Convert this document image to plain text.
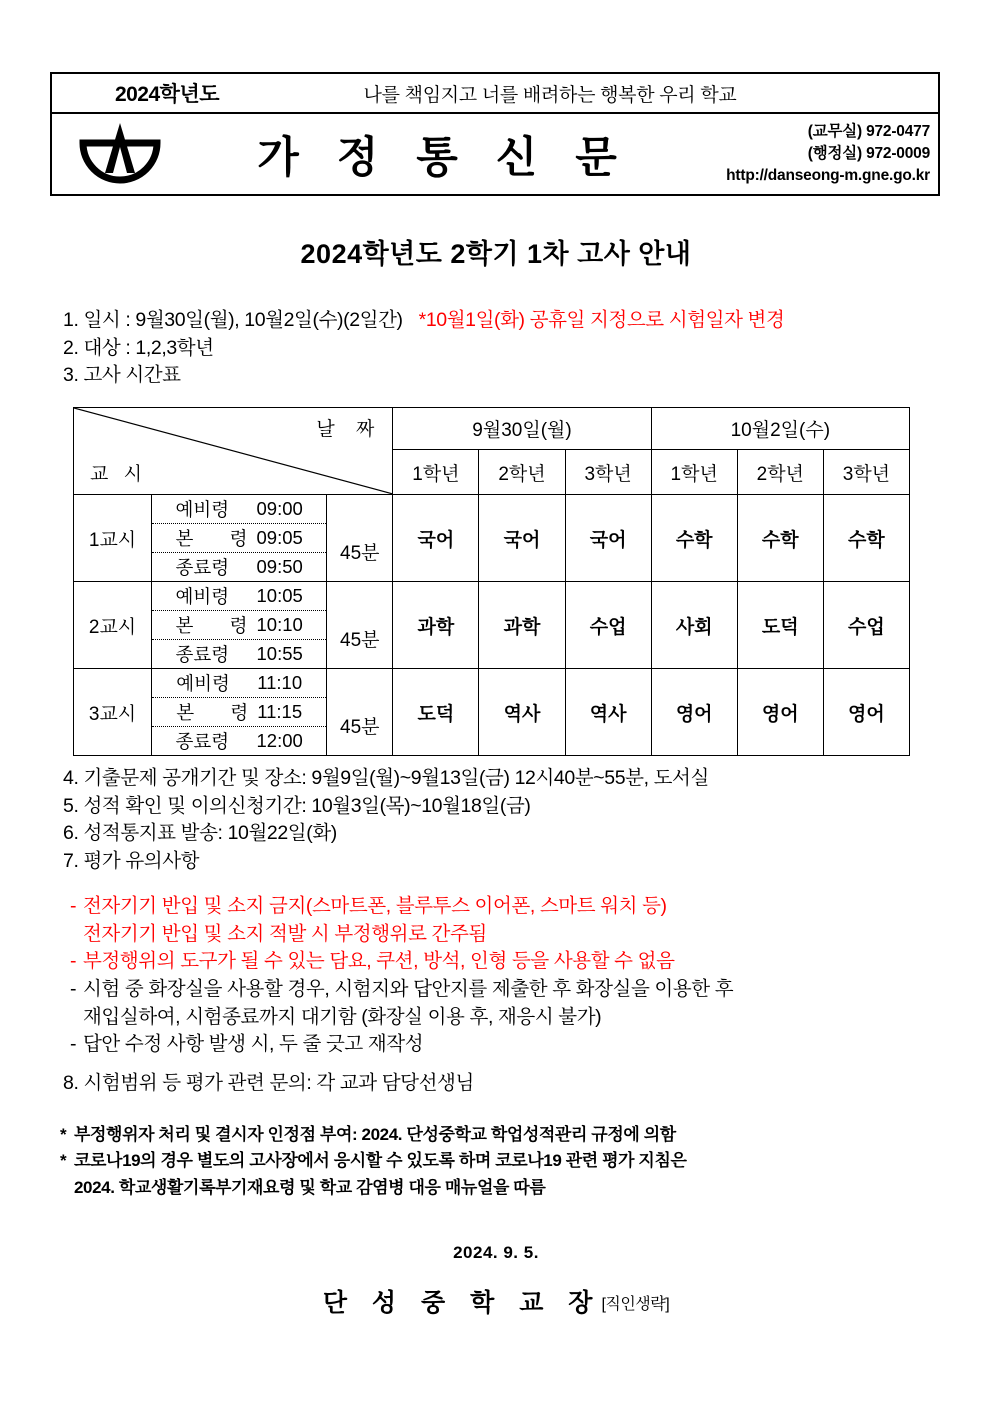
2024학년도	나를 책임지고 너를 배려하는 행복한 우리 학교
가 정 통 신 문
(교무실) 972-0477
(행정실) 972-0009
http://danseong-m.gne.go.kr
2024학년도 2학기 1차 고사 안내
1. 일시 : 9월30일(월), 10월2일(수)(2일간) *10월1일(화) 공휴일 지정으로 시험일자 변경
2. 대상 : 1,2,3학년
3. 고사 시간표
날 짜
교 시			9월30일(월)			10월2일(수)		
			1학년	2학년	3학년	1학년	2학년	3학년
1교시	
예비령	09:00
본 령 09:05
종료령	09:50
	45분	국어	국어	국어	수학	수학	수학
2교시	
예비령	10:05
본 령 10:10
종료령	10:55
	45분	과학	과학	수업	사회	도덕	수업
3교시	
예비령	11:10
본 령 11:15
종료령	12:00
	45분	도덕	역사	역사	영어	영어	영어
4. 기출문제 공개기간 및 장소: 9월9일(월)~9월13일(금) 12시40분~55분, 도서실
5. 성적 확인 및 이의신청기간: 10월3일(목)~10월18일(금)
6. 성적통지표 발송: 10월22일(화)
7. 평가 유의사항
- 전자기기 반입 및 소지 금지(스마트폰, 블루투스 이어폰, 스마트 워치 등)
전자기기 반입 및 소지 적발 시 부정행위로 간주됨
- 부정행위의 도구가 될 수 있는 담요, 쿠션, 방석, 인형 등을 사용할 수 없음
- 시험 중 화장실을 사용할 경우, 시험지와 답안지를 제출한 후 화장실을 이용한 후
재입실하여, 시험종료까지 대기함 (화장실 이용 후, 재응시 불가)
- 답안 수정 사항 발생 시, 두 줄 긋고 재작성
8. 시험범위 등 평가 관련 문의: 각 교과 담당선생님
* 부정행위자 처리 및 결시자 인정점 부여: 2024. 단성중학교 학업성적관리 규정에 의함
* 코로나19의 경우 별도의 고사장에서 응시할 수 있도록 하며 코로나19 관련 평가 지침은
2024. 학교생활기록부기재요령 및 학교 감염병 대응 매뉴얼을 따름
2024. 9. 5.
단 성 중 학 교 장[직인생략]
